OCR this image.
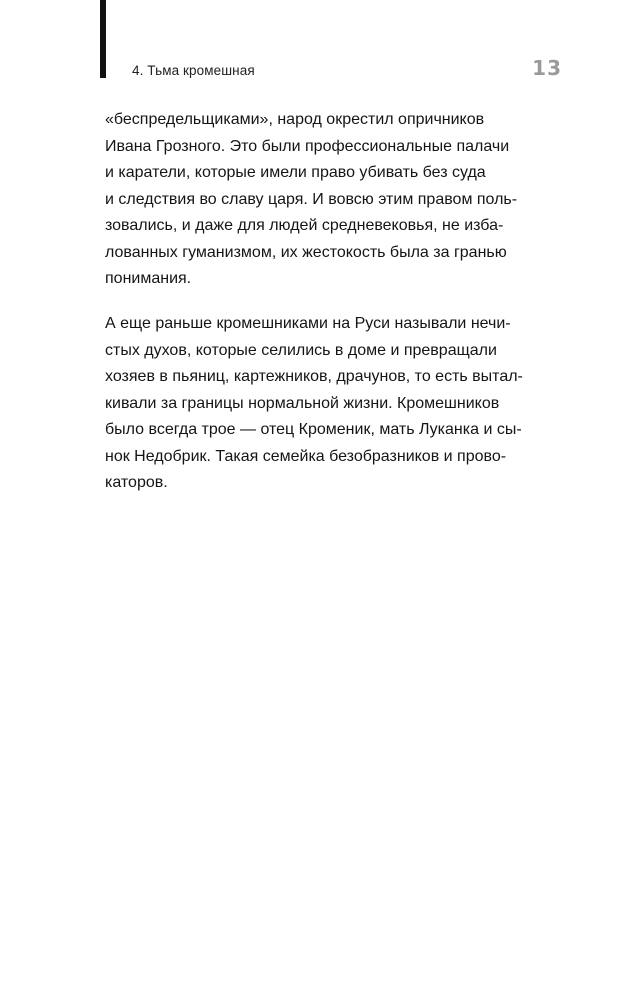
4. Тьма кромешная	13

«беспредельщиками», народ окрестил опричников
Ивана Грозного. Это были профессиональные палачи
и каратели, которые имели право убивать без суда
и следствия во славу царя. И вовсю этим правом поль-
зовались, и даже для людей средневековья, не изба-
лованных гуманизмом, их жестокость была за гранью
понимания.

А еще раньше кромешниками на Руси называли нечи-
стых духов, которые селились в доме и превращали
хозяев в пьяниц, картежников, драчунов, то есть вытал-
кивали за границы нормальной жизни. Кромешников
было всегда трое — отец Кроменик, мать Луканка и сы-
нок Недобрик. Такая семейка безобразников и прово-
каторов.
